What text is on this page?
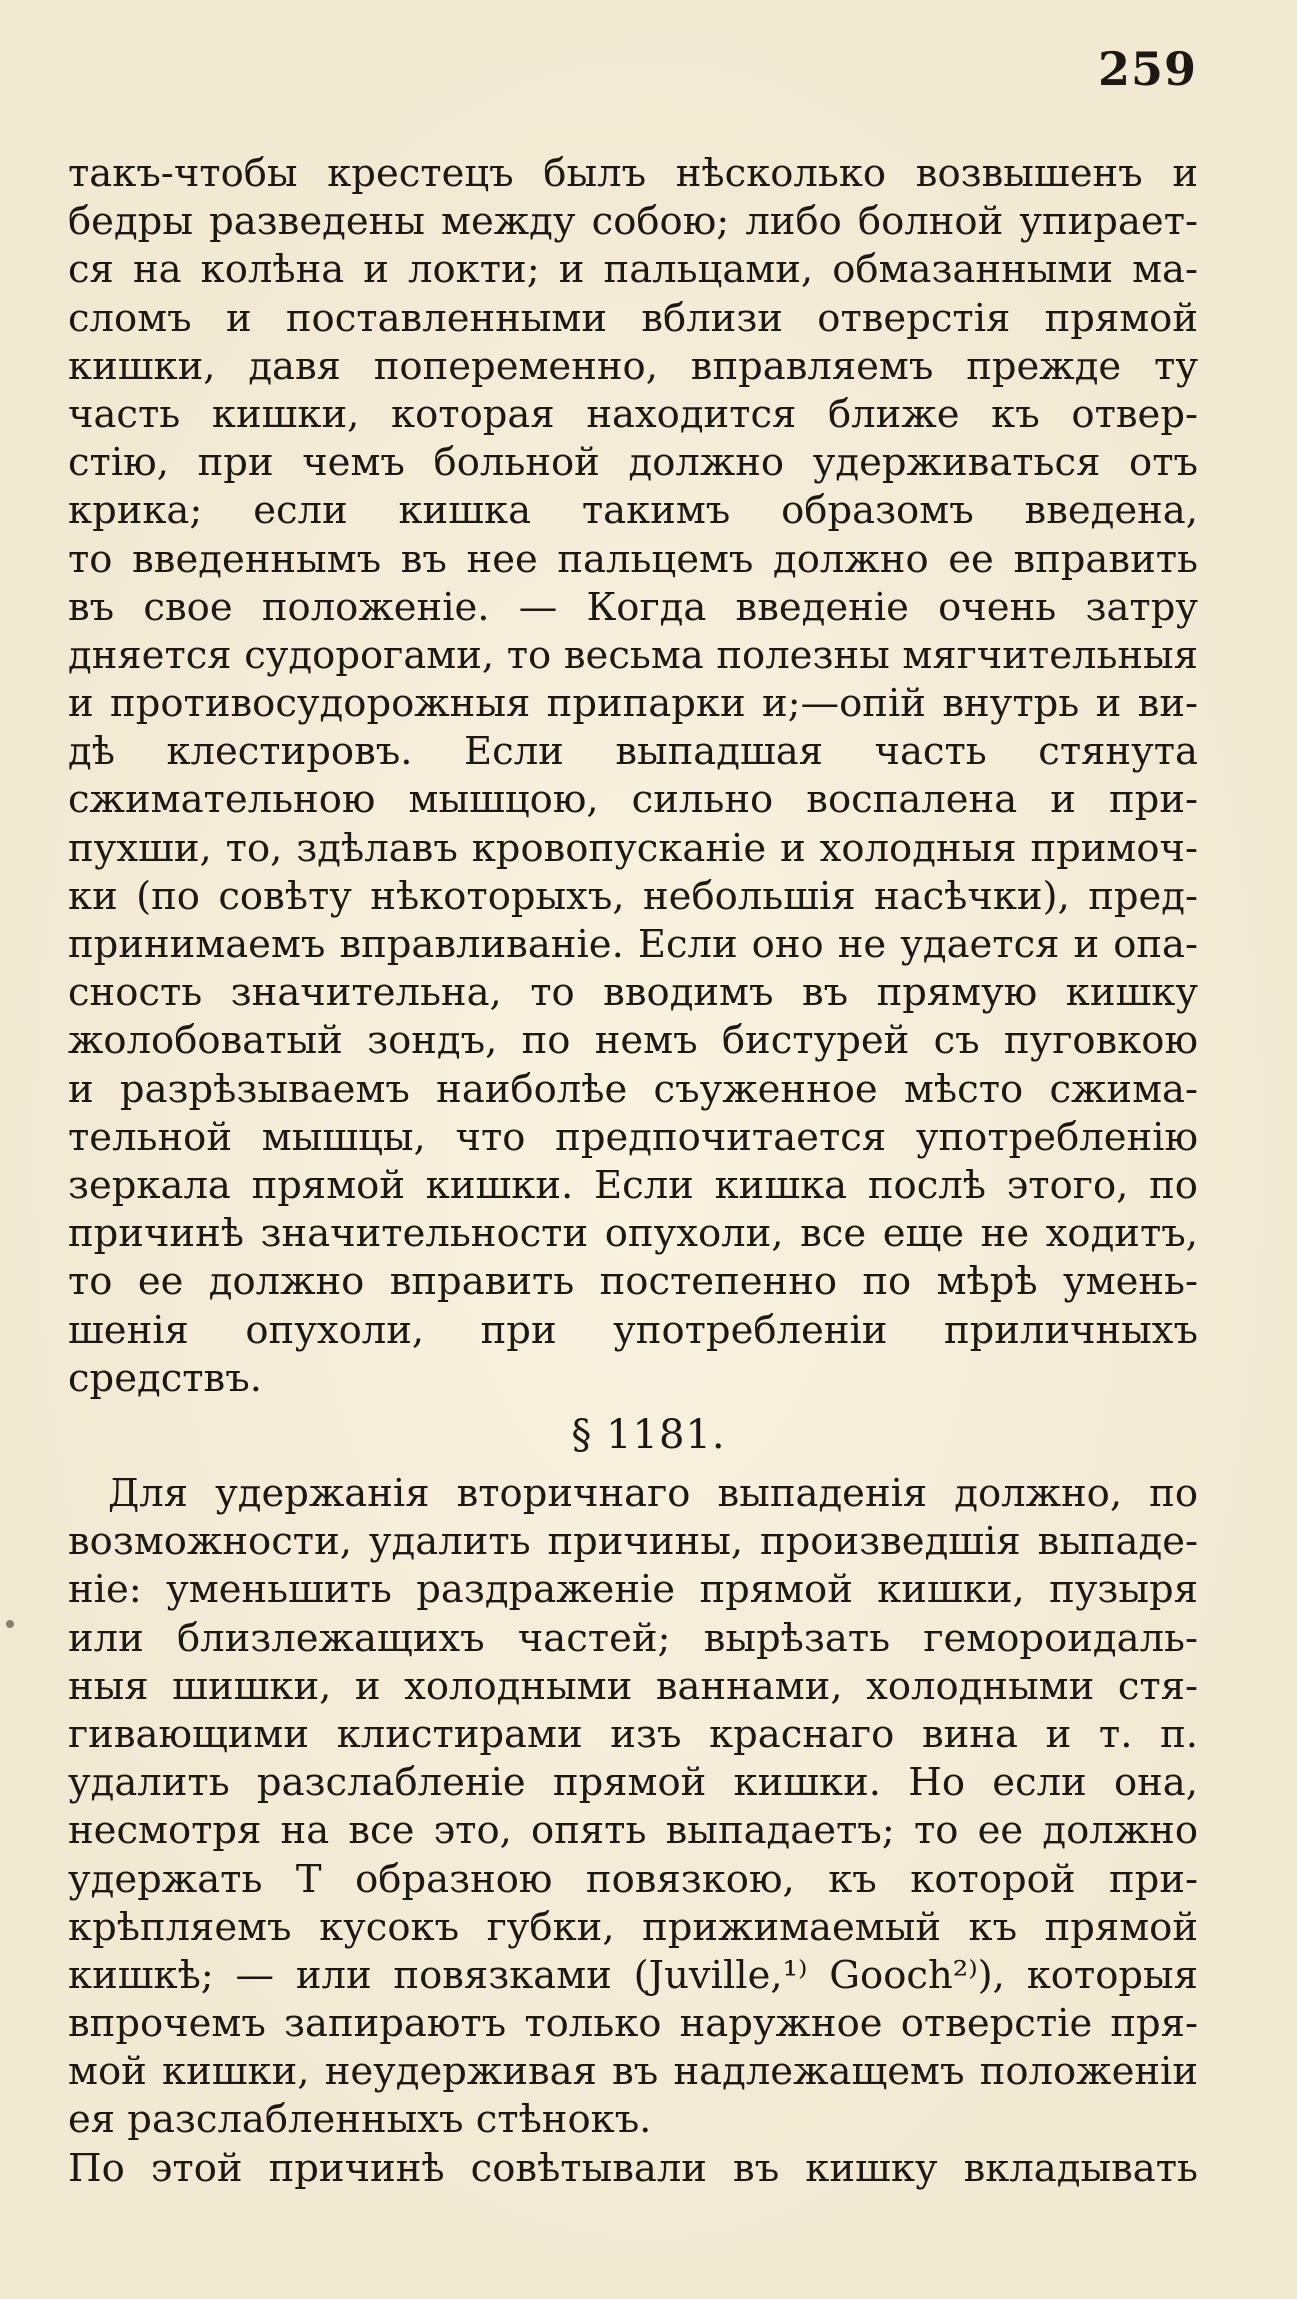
259
такъ-чтобы крестецъ былъ нѣсколько возвышенъ и
бедры разведены между собою; либо болной упирает-
ся на колѣна и локти; и пальцами, обмазанными ма-
сломъ и поставленными вблизи отверстія прямой
кишки, давя попеременно, вправляемъ прежде ту
часть кишки, которая находится ближе къ отвер-
стію, при чемъ больной должно удерживаться отъ
крика; если кишка такимъ образомъ введена,
то введеннымъ въ нее пальцемъ должно ее вправить
въ свое положеніе. — Когда введеніе очень затру
дняется судорогами, то весьма полезны мягчительныя
и противосудорожныя припарки и;—опій внутрь и ви-
дѣ клестировъ. Если выпадшая часть стянута
сжимательною мышцою, сильно воспалена и при-
пухши, то, здѣлавъ кровопусканіе и холодныя примоч-
ки (по совѣту нѣкоторыхъ, небольшія насѣчки), пред-
принимаемъ вправливаніе. Если оно не удается и опа-
сность значительна, то вводимъ въ прямую кишку
жолобоватый зондъ, по немъ бистурей съ пуговкою
и разрѣзываемъ наиболѣе съуженное мѣсто сжима-
тельной мышцы, что предпочитается употребленію
зеркала прямой кишки. Если кишка послѣ этого, по
причинѣ значительности опухоли, все еще не ходитъ,
то ее должно вправить постепенно по мѣрѣ умень-
шенія опухоли, при употребленіи приличныхъ
средствъ.
§ 1181.
Для удержанія вторичнаго выпаденія должно, по
возможности, удалить причины, произведшія выпаде-
ніе: уменьшить раздраженіе прямой кишки, пузыря
или близлежащихъ частей; вырѣзать гемороидаль-
ныя шишки, и холодными ваннами, холодными стя-
гивающими клистирами изъ краснаго вина и т. п.
удалить разслабленіе прямой кишки. Но если она,
несмотря на все это, опять выпадаетъ; то ее должно
удержать Т образною повязкою, къ которой при-
крѣпляемъ кусокъ губки, прижимаемый къ прямой
кишкѣ; — или повязками (Juville,¹⁾ Gooch²⁾), которыя
впрочемъ запираютъ только наружное отверстіе пря-
мой кишки, неудерживая въ надлежащемъ положеніи
ея разслабленныхъ стѣнокъ.
По этой причинѣ совѣтывали въ кишку вкладывать
